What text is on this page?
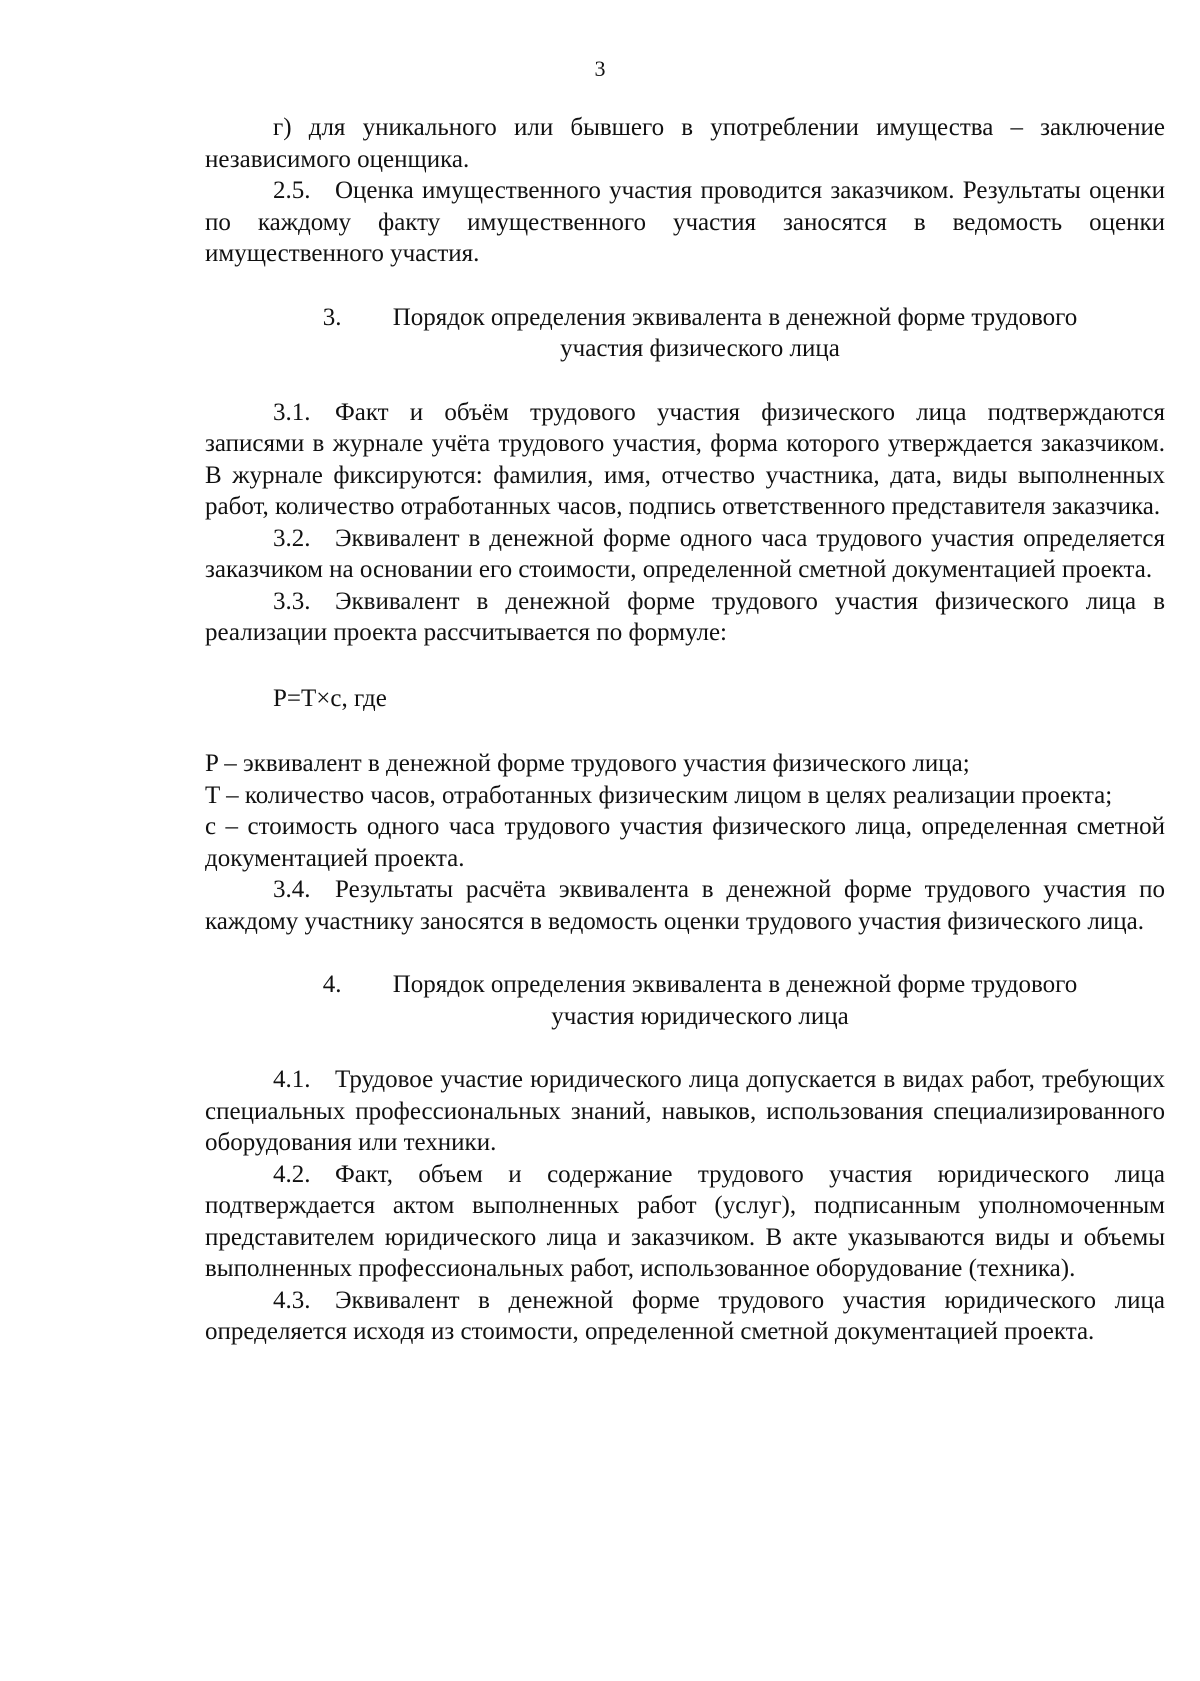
3

г) для уникального или бывшего в употреблении имущества – заключение независимого оценщика.

2.5. Оценка имущественного участия проводится заказчиком. Результаты оценки по каждому факту имущественного участия заносятся в ведомость оценки имущественного участия.

3. Порядок определения эквивалента в денежной форме трудового
участия физического лица

3.1. Факт и объём трудового участия физического лица подтверждаются записями в журнале учёта трудового участия, форма которого утверждается заказчиком. В журнале фиксируются: фамилия, имя, отчество участника, дата, виды выполненных работ, количество отработанных часов, подпись ответственного представителя заказчика.

3.2. Эквивалент в денежной форме одного часа трудового участия определяется заказчиком на основании его стоимости, определенной сметной документацией проекта.

3.3. Эквивалент в денежной форме трудового участия физического лица в реализации проекта рассчитывается по формуле:

P=T×c, где

P – эквивалент в денежной форме трудового участия физического лица;

T – количество часов, отработанных физическим лицом в целях реализации проекта;

c – стоимость одного часа трудового участия физического лица, определенная сметной документацией проекта.

3.4. Результаты расчёта эквивалента в денежной форме трудового участия по каждому участнику заносятся в ведомость оценки трудового участия физического лица.

4. Порядок определения эквивалента в денежной форме трудового
участия юридического лица

4.1. Трудовое участие юридического лица допускается в видах работ, требующих специальных профессиональных знаний, навыков, использования специализированного оборудования или техники.

4.2. Факт, объем и содержание трудового участия юридического лица подтверждается актом выполненных работ (услуг), подписанным уполномоченным представителем юридического лица и заказчиком. В акте указываются виды и объемы выполненных профессиональных работ, использованное оборудование (техника).

4.3. Эквивалент в денежной форме трудового участия юридического лица определяется исходя из стоимости, определенной сметной документацией проекта.
